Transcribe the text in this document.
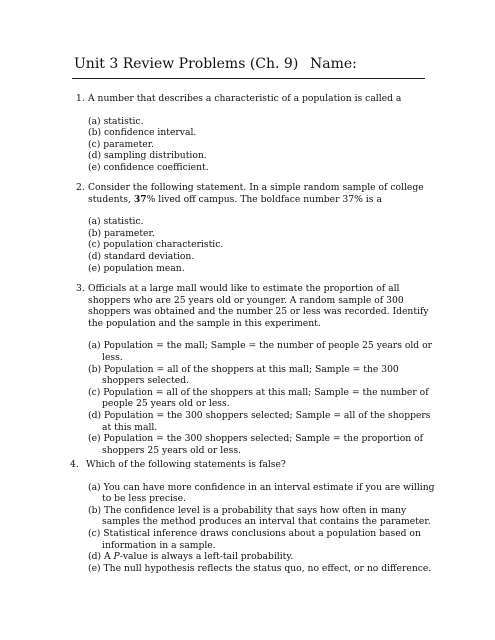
Unit 3 Review Problems (Ch. 9) Name:
1. A number that describes a characteristic of a population is called a
(a) statistic.
(b) confidence interval.
(c) parameter.
(d) sampling distribution.
(e) confidence coefficient.
2. Consider the following statement. In a simple random sample of college students, 37% lived off campus. The boldface number 37% is a
(a) statistic.
(b) parameter.
(c) population characteristic.
(d) standard deviation.
(e) population mean.
3. Officials at a large mall would like to estimate the proportion of all shoppers who are 25 years old or younger. A random sample of 300 shoppers was obtained and the number 25 or less was recorded. Identify the population and the sample in this experiment.
(a) Population = the mall; Sample = the number of people 25 years old or less.
(b) Population = all of the shoppers at this mall; Sample = the 300 shoppers selected.
(c) Population = all of the shoppers at this mall; Sample = the number of people 25 years old or less.
(d) Population = the 300 shoppers selected; Sample = all of the shoppers at this mall.
(e) Population = the 300 shoppers selected; Sample = the proportion of shoppers 25 years old or less.
4. Which of the following statements is false?
(a) You can have more confidence in an interval estimate if you are willing to be less precise.
(b) The confidence level is a probability that says how often in many samples the method produces an interval that contains the parameter.
(c) Statistical inference draws conclusions about a population based on information in a sample.
(d) A P-value is always a left-tail probability.
(e) The null hypothesis reflects the status quo, no effect, or no difference.
